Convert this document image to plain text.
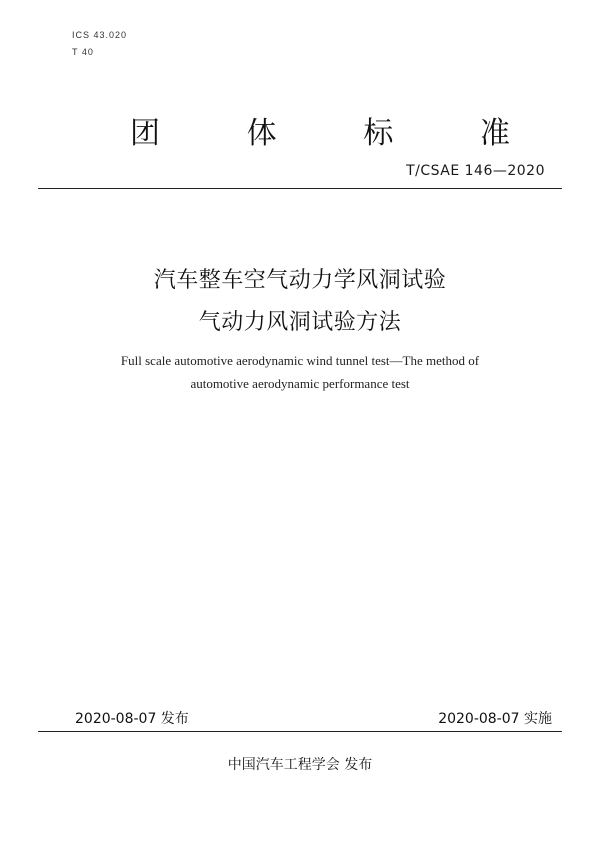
ICS 43.020
T 40
团	体	标	准
T/CSAE 146—2020
汽车整车空气动力学风洞试验
气动力风洞试验方法
Full scale automotive aerodynamic wind tunnel test—The method of
automotive aerodynamic performance test
2020-08-07 发布	2020-08-07 实施
中国汽车工程学会 发布
